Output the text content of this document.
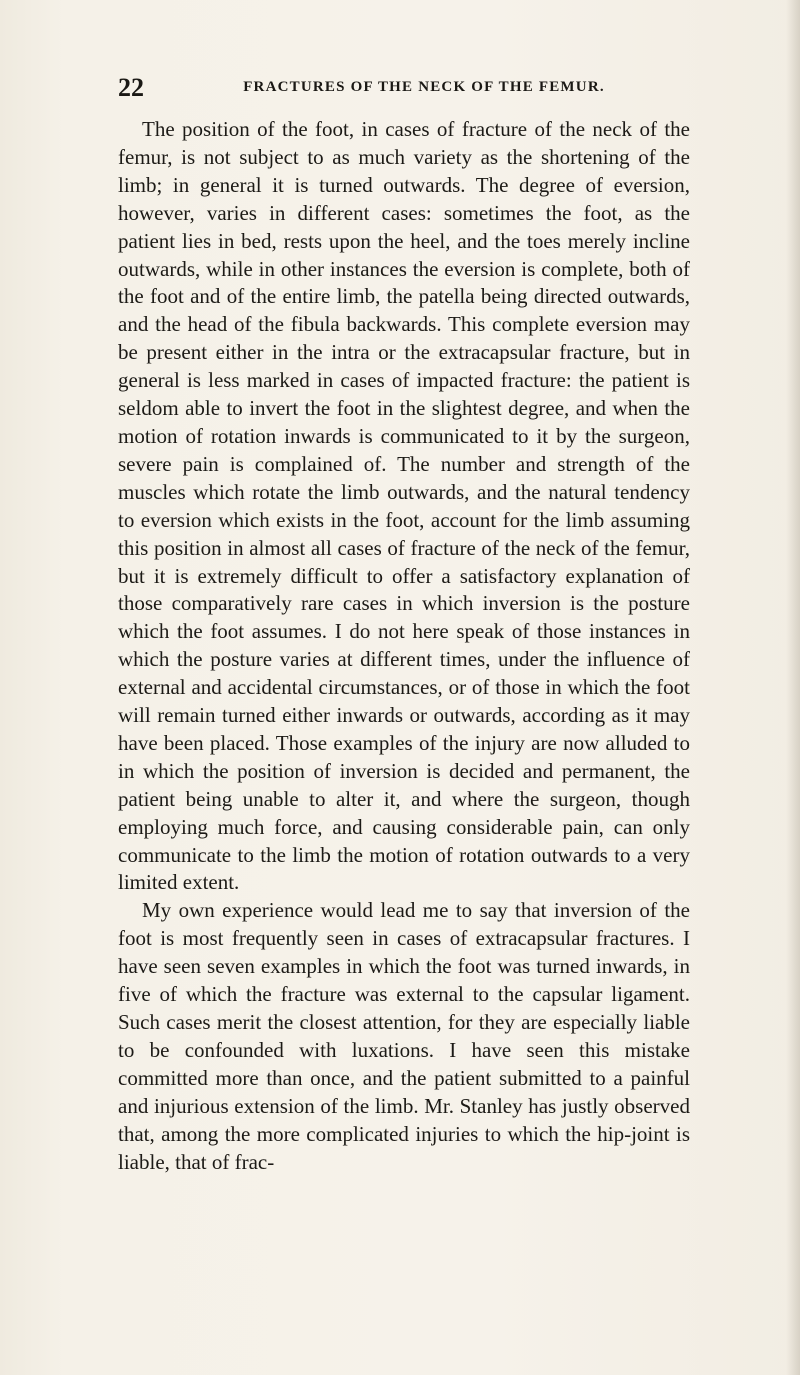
22	FRACTURES OF THE NECK OF THE FEMUR.

The position of the foot, in cases of fracture of the neck of the femur, is not subject to as much variety as the shortening of the limb; in general it is turned outwards. The degree of eversion, however, varies in different cases: sometimes the foot, as the patient lies in bed, rests upon the heel, and the toes merely incline outwards, while in other instances the eversion is complete, both of the foot and of the entire limb, the patella being directed outwards, and the head of the fibula backwards. This complete eversion may be present either in the intra or the extracapsular fracture, but in general is less marked in cases of impacted fracture: the patient is seldom able to invert the foot in the slightest degree, and when the motion of rotation inwards is communicated to it by the surgeon, severe pain is complained of. The number and strength of the muscles which rotate the limb outwards, and the natural tendency to eversion which exists in the foot, account for the limb assuming this position in almost all cases of fracture of the neck of the femur, but it is extremely difficult to offer a satisfactory explanation of those comparatively rare cases in which inversion is the posture which the foot assumes. I do not here speak of those instances in which the posture varies at different times, under the influence of external and accidental circumstances, or of those in which the foot will remain turned either inwards or outwards, according as it may have been placed. Those examples of the injury are now alluded to in which the position of inversion is decided and permanent, the patient being unable to alter it, and where the surgeon, though employing much force, and causing considerable pain, can only communicate to the limb the motion of rotation outwards to a very limited extent.

My own experience would lead me to say that inversion of the foot is most frequently seen in cases of extracapsular fractures. I have seen seven examples in which the foot was turned inwards, in five of which the fracture was external to the capsular ligament. Such cases merit the closest attention, for they are especially liable to be confounded with luxations. I have seen this mistake committed more than once, and the patient submitted to a painful and injurious extension of the limb. Mr. Stanley has justly observed that, among the more complicated injuries to which the hip-joint is liable, that of frac-
